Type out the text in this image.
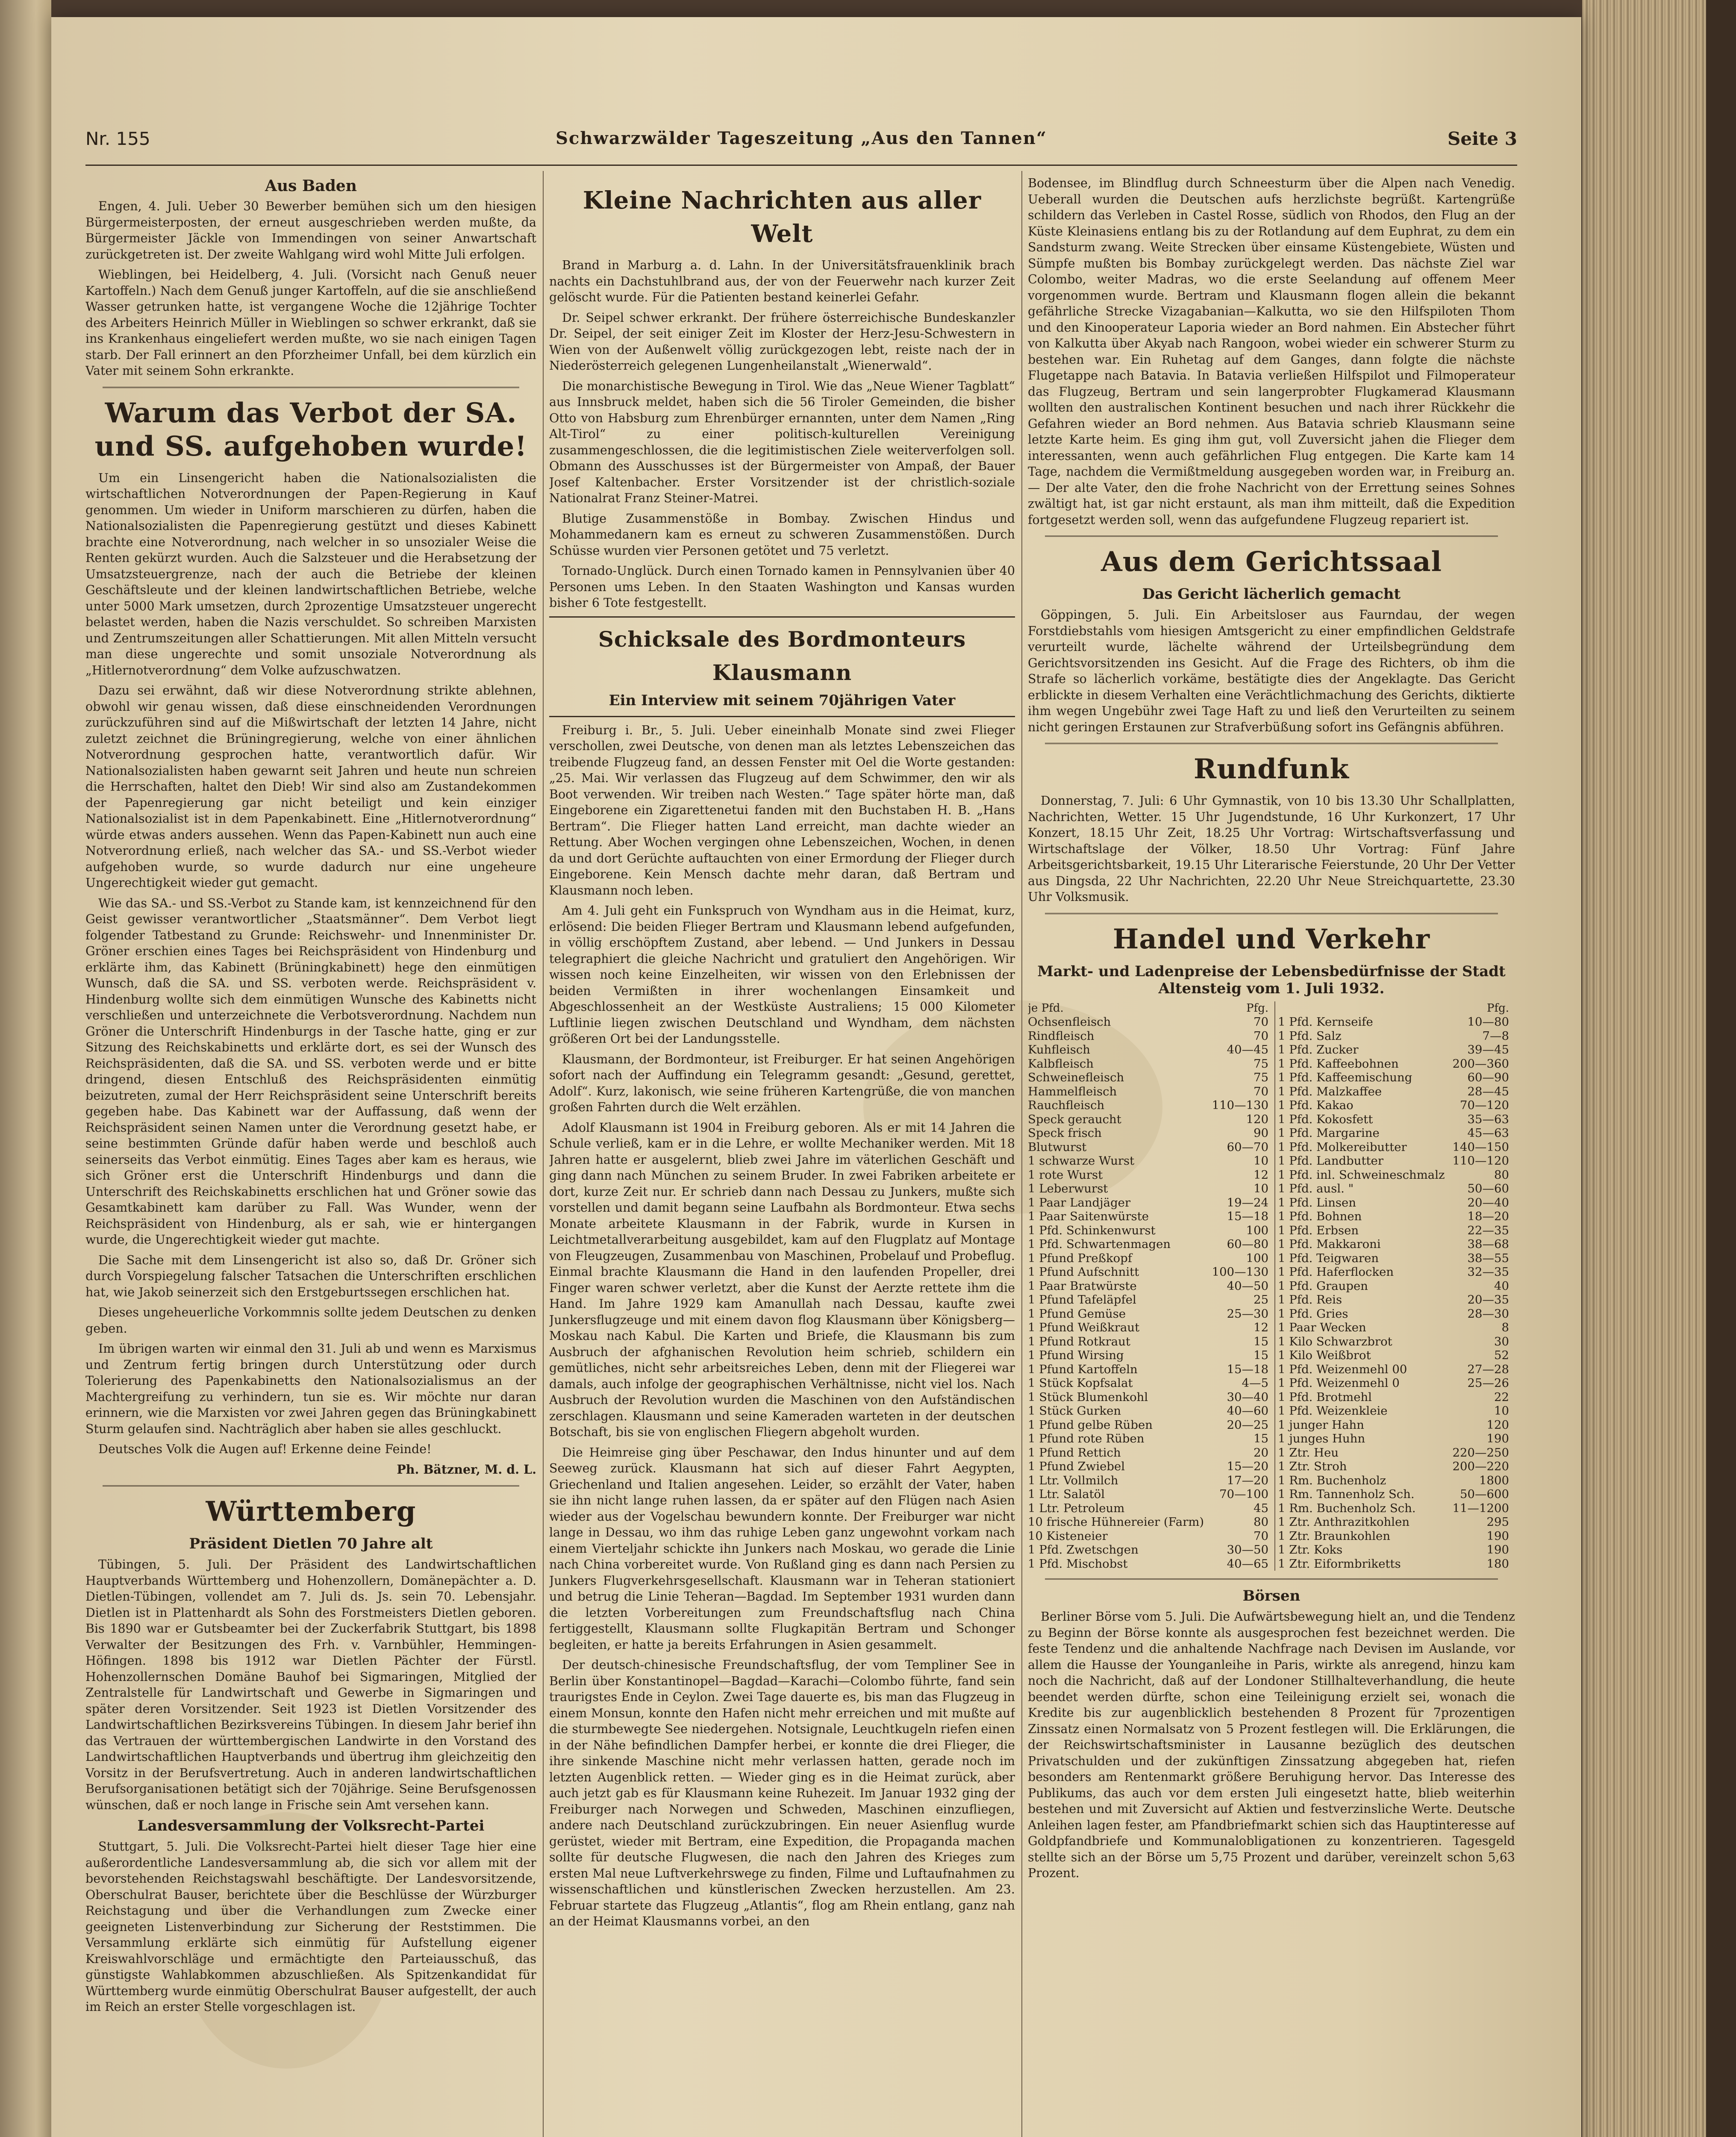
Nr. 155	Schwarzwälder Tageszeitung „Aus den Tannen“	Seite 3
Aus Baden

Engen, 4. Juli. Ueber 30 Bewerber bemühen sich um den hiesigen Bürgermeisterposten, der erneut ausgeschrieben werden mußte, da Bürgermeister Jäckle von Immendingen von seiner Anwartschaft zurückgetreten ist. Der zweite Wahlgang wird wohl Mitte Juli erfolgen.

Wieblingen, bei Heidelberg, 4. Juli. (Vorsicht nach Genuß neuer Kartoffeln.) Nach dem Genuß junger Kartoffeln, auf die sie anschließend Wasser getrunken hatte, ist vergangene Woche die 12jährige Tochter des Arbeiters Heinrich Müller in Wieblingen so schwer erkrankt, daß sie ins Krankenhaus eingeliefert werden mußte, wo sie nach einigen Tagen starb. Der Fall erinnert an den Pforzheimer Unfall, bei dem kürzlich ein Vater mit seinem Sohn erkrankte.

Warum das Verbot der SA. und SS. aufgehoben wurde!

Um ein Linsengericht haben die Nationalsozialisten die wirtschaftlichen Notverordnungen der Papen-Regierung in Kauf genommen. Um wieder in Uniform marschieren zu dürfen, haben die Nationalsozialisten die Papenregierung gestützt und dieses Kabinett brachte eine Notverordnung, nach welcher in so unsozialer Weise die Renten gekürzt wurden. Auch die Salzsteuer und die Herabsetzung der Umsatzsteuergrenze, nach der auch die Betriebe der kleinen Geschäftsleute und der kleinen landwirtschaftlichen Betriebe, welche unter 5000 Mark umsetzen, durch 2prozentige Umsatzsteuer ungerecht belastet werden, haben die Nazis verschuldet. So schreiben Marxisten und Zentrumszeitungen aller Schattierungen. Mit allen Mitteln versucht man diese ungerechte und somit unsoziale Notverordnung als „Hitlernotverordnung“ dem Volke aufzuschwatzen.

Dazu sei erwähnt, daß wir diese Notverordnung strikte ablehnen, obwohl wir genau wissen, daß diese einschneidenden Verordnungen zurückzuführen sind auf die Mißwirtschaft der letzten 14 Jahre, nicht zuletzt zeichnet die Brüningregierung, welche von einer ähnlichen Notverordnung gesprochen hatte, verantwortlich dafür. Wir Nationalsozialisten haben gewarnt seit Jahren und heute nun schreien die Herrschaften, haltet den Dieb! Wir sind also am Zustandekommen der Papenregierung gar nicht beteiligt und kein einziger Nationalsozialist ist in dem Papenkabinett. Eine „Hitlernotverordnung“ würde etwas anders aussehen. Wenn das Papen-Kabinett nun auch eine Notverordnung erließ, nach welcher das SA.- und SS.-Verbot wieder aufgehoben wurde, so wurde dadurch nur eine ungeheure Ungerechtigkeit wieder gut gemacht.

Wie das SA.- und SS.-Verbot zu Stande kam, ist kennzeichnend für den Geist gewisser verantwortlicher „Staatsmänner“. Dem Verbot liegt folgender Tatbestand zu Grunde: Reichswehr- und Innenminister Dr. Gröner erschien eines Tages bei Reichspräsident von Hindenburg und erklärte ihm, das Kabinett (Brüningkabinett) hege den einmütigen Wunsch, daß die SA. und SS. verboten werde. Reichspräsident v. Hindenburg wollte sich dem einmütigen Wunsche des Kabinetts nicht verschließen und unterzeichnete die Verbotsverordnung. Nachdem nun Gröner die Unterschrift Hindenburgs in der Tasche hatte, ging er zur Sitzung des Reichskabinetts und erklärte dort, es sei der Wunsch des Reichspräsidenten, daß die SA. und SS. verboten werde und er bitte dringend, diesen Entschluß des Reichspräsidenten einmütig beizutreten, zumal der Herr Reichspräsident seine Unterschrift bereits gegeben habe. Das Kabinett war der Auffassung, daß wenn der Reichspräsident seinen Namen unter die Verordnung gesetzt habe, er seine bestimmten Gründe dafür haben werde und beschloß auch seinerseits das Verbot einmütig. Eines Tages aber kam es heraus, wie sich Gröner erst die Unterschrift Hindenburgs und dann die Unterschrift des Reichskabinetts erschlichen hat und Gröner sowie das Gesamtkabinett kam darüber zu Fall. Was Wunder, wenn der Reichspräsident von Hindenburg, als er sah, wie er hintergangen wurde, die Ungerechtigkeit wieder gut machte.

Die Sache mit dem Linsengericht ist also so, daß Dr. Gröner sich durch Vorspiegelung falscher Tatsachen die Unterschriften erschlichen hat, wie Jakob seinerzeit sich den Erstgeburtssegen erschlichen hat.

Dieses ungeheuerliche Vorkommnis sollte jedem Deutschen zu denken geben.

Im übrigen warten wir einmal den 31. Juli ab und wenn es Marxismus und Zentrum fertig bringen durch Unterstützung oder durch Tolerierung des Papenkabinetts den Nationalsozialismus an der Machtergreifung zu verhindern, tun sie es. Wir möchte nur daran erinnern, wie die Marxisten vor zwei Jahren gegen das Brüningkabinett Sturm gelaufen sind. Nachträglich aber haben sie alles geschluckt.

Deutsches Volk die Augen auf! Erkenne deine Feinde!

Ph. Bätzner, M. d. L.

Württemberg
Präsident Dietlen 70 Jahre alt

Tübingen, 5. Juli. Der Präsident des Landwirtschaftlichen Hauptverbands Württemberg und Hohenzollern, Domänepächter a. D. Dietlen-Tübingen, vollendet am 7. Juli ds. Js. sein 70. Lebensjahr. Dietlen ist in Plattenhardt als Sohn des Forstmeisters Dietlen geboren. Bis 1890 war er Gutsbeamter bei der Zuckerfabrik Stuttgart, bis 1898 Verwalter der Besitzungen des Frh. v. Varnbühler, Hemmingen-Höfingen. 1898 bis 1912 war Dietlen Pächter der Fürstl. Hohenzollernschen Domäne Bauhof bei Sigmaringen, Mitglied der Zentralstelle für Landwirtschaft und Gewerbe in Sigmaringen und später deren Vorsitzender. Seit 1923 ist Dietlen Vorsitzender des Landwirtschaftlichen Bezirksvereins Tübingen. In diesem Jahr berief ihn das Vertrauen der württembergischen Landwirte in den Vorstand des Landwirtschaftlichen Hauptverbands und übertrug ihm gleichzeitig den Vorsitz in der Berufsvertretung. Auch in anderen landwirtschaftlichen Berufsorganisationen betätigt sich der 70jährige. Seine Berufsgenossen wünschen, daß er noch lange in Frische sein Amt versehen kann.

Landesversammlung der Volksrecht-Partei

Stuttgart, 5. Juli. Die Volksrecht-Partei hielt dieser Tage hier eine außerordentliche Landesversammlung ab, die sich vor allem mit der bevorstehenden Reichstagswahl beschäftigte. Der Landesvorsitzende, Oberschulrat Bauser, berichtete über die Beschlüsse der Würzburger Reichstagung und über die Verhandlungen zum Zwecke einer geeigneten Listenverbindung zur Sicherung der Reststimmen. Die Versammlung erklärte sich einmütig für Aufstellung eigener Kreiswahlvorschläge und ermächtigte den Parteiausschuß, das günstigste Wahlabkommen abzuschließen. Als Spitzenkandidat für Württemberg wurde einmütig Oberschulrat Bauser aufgestellt, der auch im Reich an erster Stelle vorgeschlagen ist.

Kleine Nachrichten aus aller Welt

Brand in Marburg a. d. Lahn. In der Universitätsfrauenklinik brach nachts ein Dachstuhlbrand aus, der von der Feuerwehr nach kurzer Zeit gelöscht wurde. Für die Patienten bestand keinerlei Gefahr.

Dr. Seipel schwer erkrankt. Der frühere österreichische Bundeskanzler Dr. Seipel, der seit einiger Zeit im Kloster der Herz-Jesu-Schwestern in Wien von der Außenwelt völlig zurückgezogen lebt, reiste nach der in Niederösterreich gelegenen Lungenheilanstalt „Wienerwald“.

Die monarchistische Bewegung in Tirol. Wie das „Neue Wiener Tagblatt“ aus Innsbruck meldet, haben sich die 56 Tiroler Gemeinden, die bisher Otto von Habsburg zum Ehrenbürger ernannten, unter dem Namen „Ring Alt-Tirol“ zu einer politisch-kulturellen Vereinigung zusammengeschlossen, die die legitimistischen Ziele weiterverfolgen soll. Obmann des Ausschusses ist der Bürgermeister von Ampaß, der Bauer Josef Kaltenbacher. Erster Vorsitzender ist der christlich-soziale Nationalrat Franz Steiner-Matrei.

Blutige Zusammenstöße in Bombay. Zwischen Hindus und Mohammedanern kam es erneut zu schweren Zusammenstößen. Durch Schüsse wurden vier Personen getötet und 75 verletzt.

Tornado-Unglück. Durch einen Tornado kamen in Pennsylvanien über 40 Personen ums Leben. In den Staaten Washington und Kansas wurden bisher 6 Tote festgestellt.

Schicksale des Bordmonteurs Klausmann
Ein Interview mit seinem 70jährigen Vater

Freiburg i. Br., 5. Juli. Ueber eineinhalb Monate sind zwei Flieger verschollen, zwei Deutsche, von denen man als letztes Lebenszeichen das treibende Flugzeug fand, an dessen Fenster mit Oel die Worte gestanden: „25. Mai. Wir verlassen das Flugzeug auf dem Schwimmer, den wir als Boot verwenden. Wir treiben nach Westen.“ Tage später hörte man, daß Eingeborene ein Zigarettenetui fanden mit den Buchstaben H. B. „Hans Bertram“. Die Flieger hatten Land erreicht, man dachte wieder an Rettung. Aber Wochen vergingen ohne Lebenszeichen, Wochen, in denen da und dort Gerüchte auftauchten von einer Ermordung der Flieger durch Eingeborene. Kein Mensch dachte mehr daran, daß Bertram und Klausmann noch leben.

Am 4. Juli geht ein Funkspruch von Wyndham aus in die Heimat, kurz, erlösend: Die beiden Flieger Bertram und Klausmann lebend aufgefunden, in völlig erschöpftem Zustand, aber lebend. — Und Junkers in Dessau telegraphiert die gleiche Nachricht und gratuliert den Angehörigen. Wir wissen noch keine Einzelheiten, wir wissen von den Erlebnissen der beiden Vermißten in ihrer wochenlangen Einsamkeit und Abgeschlossenheit an der Westküste Australiens; 15 000 Kilometer Luftlinie liegen zwischen Deutschland und Wyndham, dem nächsten größeren Ort bei der Landungsstelle.

Klausmann, der Bordmonteur, ist Freiburger. Er hat seinen Angehörigen sofort nach der Auffindung ein Telegramm gesandt: „Gesund, gerettet, Adolf“. Kurz, lakonisch, wie seine früheren Kartengrüße, die von manchen großen Fahrten durch die Welt erzählen.

Adolf Klausmann ist 1904 in Freiburg geboren. Als er mit 14 Jahren die Schule verließ, kam er in die Lehre, er wollte Mechaniker werden. Mit 18 Jahren hatte er ausgelernt, blieb zwei Jahre im väterlichen Geschäft und ging dann nach München zu seinem Bruder. In zwei Fabriken arbeitete er dort, kurze Zeit nur. Er schrieb dann nach Dessau zu Junkers, mußte sich vorstellen und damit begann seine Laufbahn als Bordmonteur. Etwa sechs Monate arbeitete Klausmann in der Fabrik, wurde in Kursen in Leichtmetallverarbeitung ausgebildet, kam auf den Flugplatz auf Montage von Fleugzeugen, Zusammenbau von Maschinen, Probelauf und Probeflug. Einmal brachte Klausmann die Hand in den laufenden Propeller, drei Finger waren schwer verletzt, aber die Kunst der Aerzte rettete ihm die Hand. Im Jahre 1929 kam Amanullah nach Dessau, kaufte zwei Junkersflugzeuge und mit einem davon flog Klausmann über Königsberg—Moskau nach Kabul. Die Karten und Briefe, die Klausmann bis zum Ausbruch der afghanischen Revolution heim schrieb, schildern ein gemütliches, nicht sehr arbeitsreiches Leben, denn mit der Fliegerei war damals, auch infolge der geographischen Verhältnisse, nicht viel los. Nach Ausbruch der Revolution wurden die Maschinen von den Aufständischen zerschlagen. Klausmann und seine Kameraden warteten in der deutschen Botschaft, bis sie von englischen Fliegern abgeholt wurden.

Die Heimreise ging über Peschawar, den Indus hinunter und auf dem Seeweg zurück. Klausmann hat sich auf dieser Fahrt Aegypten, Griechenland und Italien angesehen. Leider, so erzählt der Vater, haben sie ihn nicht lange ruhen lassen, da er später auf den Flügen nach Asien wieder aus der Vogelschau bewundern konnte. Der Freiburger war nicht lange in Dessau, wo ihm das ruhige Leben ganz ungewohnt vorkam nach einem Vierteljahr schickte ihn Junkers nach Moskau, wo gerade die Linie nach China vorbereitet wurde. Von Rußland ging es dann nach Persien zu Junkers Flugverkehrsgesellschaft. Klausmann war in Teheran stationiert und betrug die Linie Teheran—Bagdad. Im September 1931 wurden dann die letzten Vorbereitungen zum Freundschaftsflug nach China fertiggestellt, Klausmann sollte Flugkapitän Bertram und Schonger begleiten, er hatte ja bereits Erfahrungen in Asien gesammelt.

Der deutsch-chinesische Freundschaftsflug, der vom Templiner See in Berlin über Konstantinopel—Bagdad—Karachi—Colombo führte, fand sein traurigstes Ende in Ceylon. Zwei Tage dauerte es, bis man das Flugzeug in einem Monsun, konnte den Hafen nicht mehr erreichen und mit mußte auf die sturmbewegte See niedergehen. Notsignale, Leuchtkugeln riefen einen in der Nähe befindlichen Dampfer herbei, er konnte die drei Flieger, die ihre sinkende Maschine nicht mehr verlassen hatten, gerade noch im letzten Augenblick retten. — Wieder ging es in die Heimat zurück, aber auch jetzt gab es für Klausmann keine Ruhezeit. Im Januar 1932 ging der Freiburger nach Norwegen und Schweden, Maschinen einzufliegen, andere nach Deutschland zurückzubringen. Ein neuer Asienflug wurde gerüstet, wieder mit Bertram, eine Expedition, die Propaganda machen sollte für deutsche Flugwesen, die nach den Jahren des Krieges zum ersten Mal neue Luftverkehrswege zu finden, Filme und Luftaufnahmen zu wissenschaftlichen und künstlerischen Zwecken herzustellen. Am 23. Februar startete das Flugzeug „Atlantis“, flog am Rhein entlang, ganz nah an der Heimat Klausmanns vorbei, an den

Bodensee, im Blindflug durch Schneesturm über die Alpen nach Venedig. Ueberall wurden die Deutschen aufs herzlichste begrüßt. Kartengrüße schildern das Verleben in Castel Rosse, südlich von Rhodos, den Flug an der Küste Kleinasiens entlang bis zu der Rotlandung auf dem Euphrat, zu dem ein Sandsturm zwang. Weite Strecken über einsame Küstengebiete, Wüsten und Sümpfe mußten bis Bombay zurückgelegt werden. Das nächste Ziel war Colombo, weiter Madras, wo die erste Seelandung auf offenem Meer vorgenommen wurde. Bertram und Klausmann flogen allein die bekannt gefährliche Strecke Vizagabanian—Kalkutta, wo sie den Hilfspiloten Thom und den Kinooperateur Laporia wieder an Bord nahmen. Ein Abstecher führt von Kalkutta über Akyab nach Rangoon, wobei wieder ein schwerer Sturm zu bestehen war. Ein Ruhetag auf dem Ganges, dann folgte die nächste Flugetappe nach Batavia. In Batavia verließen Hilfspilot und Filmoperateur das Flugzeug, Bertram und sein langerprobter Flugkamerad Klausmann wollten den australischen Kontinent besuchen und nach ihrer Rückkehr die Gefahren wieder an Bord nehmen. Aus Batavia schrieb Klausmann seine letzte Karte heim. Es ging ihm gut, voll Zuversicht jahen die Flieger dem interessanten, wenn auch gefährlichen Flug entgegen. Die Karte kam 14 Tage, nachdem die Vermißtmeldung ausgegeben worden war, in Freiburg an. — Der alte Vater, den die frohe Nachricht von der Errettung seines Sohnes zwältigt hat, ist gar nicht erstaunt, als man ihm mitteilt, daß die Expedition fortgesetzt werden soll, wenn das aufgefundene Flugzeug repariert ist.

Aus dem Gerichtssaal
Das Gericht lächerlich gemacht

Göppingen, 5. Juli. Ein Arbeitsloser aus Faurndau, der wegen Forstdiebstahls vom hiesigen Amtsgericht zu einer empfindlichen Geldstrafe verurteilt wurde, lächelte während der Urteilsbegründung dem Gerichtsvorsitzenden ins Gesicht. Auf die Frage des Richters, ob ihm die Strafe so lächerlich vorkäme, bestätigte dies der Angeklagte. Das Gericht erblickte in diesem Verhalten eine Verächtlichmachung des Gerichts, diktierte ihm wegen Ungebühr zwei Tage Haft zu und ließ den Verurteilten zu seinem nicht geringen Erstaunen zur Strafverbüßung sofort ins Gefängnis abführen.

Rundfunk

Donnerstag, 7. Juli: 6 Uhr Gymnastik, von 10 bis 13.30 Uhr Schallplatten, Nachrichten, Wetter. 15 Uhr Jugendstunde, 16 Uhr Kurkonzert, 17 Uhr Konzert, 18.15 Uhr Zeit, 18.25 Uhr Vortrag: Wirtschaftsverfassung und Wirtschaftslage der Völker, 18.50 Uhr Vortrag: Fünf Jahre Arbeitsgerichtsbarkeit, 19.15 Uhr Literarische Feierstunde, 20 Uhr Der Vetter aus Dingsda, 22 Uhr Nachrichten, 22.20 Uhr Neue Streichquartette, 23.30 Uhr Volksmusik.

Handel und Verkehr
Markt- und Ladenpreise der Lebensbedürfnisse der Stadt Altensteig vom 1. Juli 1932.
je Pfd.	Pfg.		Pfg.
Ochsenfleisch	70	1 Pfd. Kernseife	10—80
Rindfleisch	70	1 Pfd. Salz	7—8
Kuhfleisch	40—45	1 Pfd. Zucker	39—45
Kalbfleisch	75	1 Pfd. Kaffeebohnen	200—360
Schweinefleisch	75	1 Pfd. Kaffeemischung	60—90
Hammelfleisch	70	1 Pfd. Malzkaffee	28—45
Rauchfleisch	110—130	1 Pfd. Kakao	70—120
Speck geraucht	120	1 Pfd. Kokosfett	35—63
Speck frisch	90	1 Pfd. Margarine	45—63
Blutwurst	60—70	1 Pfd. Molkereibutter	140—150
1 schwarze Wurst	10	1 Pfd. Landbutter	110—120
1 rote Wurst	12	1 Pfd. inl. Schweineschmalz	80
1 Leberwurst	10	1 Pfd. ausl. "	50—60
1 Paar Landjäger	19—24	1 Pfd. Linsen	20—40
1 Paar Saitenwürste	15—18	1 Pfd. Bohnen	18—20
1 Pfd. Schinkenwurst	100	1 Pfd. Erbsen	22—35
1 Pfd. Schwartenmagen	60—80	1 Pfd. Makkaroni	38—68
1 Pfund Preßkopf	100	1 Pfd. Teigwaren	38—55
1 Pfund Aufschnitt	100—130	1 Pfd. Haferflocken	32—35
1 Paar Bratwürste	40—50	1 Pfd. Graupen	40
1 Pfund Tafeläpfel	25	1 Pfd. Reis	20—35
1 Pfund Gemüse	25—30	1 Pfd. Gries	28—30
1 Pfund Weißkraut	12	1 Paar Wecken	8
1 Pfund Rotkraut	15	1 Kilo Schwarzbrot	30
1 Pfund Wirsing	15	1 Kilo Weißbrot	52
1 Pfund Kartoffeln	15—18	1 Pfd. Weizenmehl 00	27—28
1 Stück Kopfsalat	4—5	1 Pfd. Weizenmehl 0	25—26
1 Stück Blumenkohl	30—40	1 Pfd. Brotmehl	22
1 Stück Gurken	40—60	1 Pfd. Weizenkleie	10
1 Pfund gelbe Rüben	20—25	1 junger Hahn	120
1 Pfund rote Rüben	15	1 junges Huhn	190
1 Pfund Rettich	20	1 Ztr. Heu	220—250
1 Pfund Zwiebel	15—20	1 Ztr. Stroh	200—220
1 Ltr. Vollmilch	17—20	1 Rm. Buchenholz	1800
1 Ltr. Salatöl	70—100	1 Rm. Tannenholz Sch.	50—600
1 Ltr. Petroleum	45	1 Rm. Buchenholz Sch.	11—1200
10 frische Hühnereier (Farm)	80	1 Ztr. Anthrazitkohlen	295
10 Kisteneier	70	1 Ztr. Braunkohlen	190
1 Pfd. Zwetschgen	30—50	1 Ztr. Koks	190
1 Pfd. Mischobst	40—65	1 Ztr. Eiformbriketts	180
Börsen

Berliner Börse vom 5. Juli. Die Aufwärtsbewegung hielt an, und die Tendenz zu Beginn der Börse konnte als ausgesprochen fest bezeichnet werden. Die feste Tendenz und die anhaltende Nachfrage nach Devisen im Auslande, vor allem die Hausse der Younganleihe in Paris, wirkte als anregend, hinzu kam noch die Nachricht, daß auf der Londoner Stillhalteverhandlung, die heute beendet werden dürfte, schon eine Teileinigung erzielt sei, wonach die Kredite bis zur augenblicklich bestehenden 8 Prozent für 7prozentigen Zinssatz einen Normalsatz von 5 Prozent festlegen will. Die Erklärungen, die der Reichswirtschaftsminister in Lausanne bezüglich des deutschen Privatschulden und der zukünftigen Zinssatzung abgegeben hat, riefen besonders am Rentenmarkt größere Beruhigung hervor. Das Interesse des Publikums, das auch vor dem ersten Juli eingesetzt hatte, blieb weiterhin bestehen und mit Zuversicht auf Aktien und festverzinsliche Werte. Deutsche Anleihen lagen fester, am Pfandbriefmarkt schien sich das Hauptinteresse auf Goldpfandbriefe und Kommunalobligationen zu konzentrieren. Tagesgeld stellte sich an der Börse um 5,75 Prozent und darüber, vereinzelt schon 5,63 Prozent.
